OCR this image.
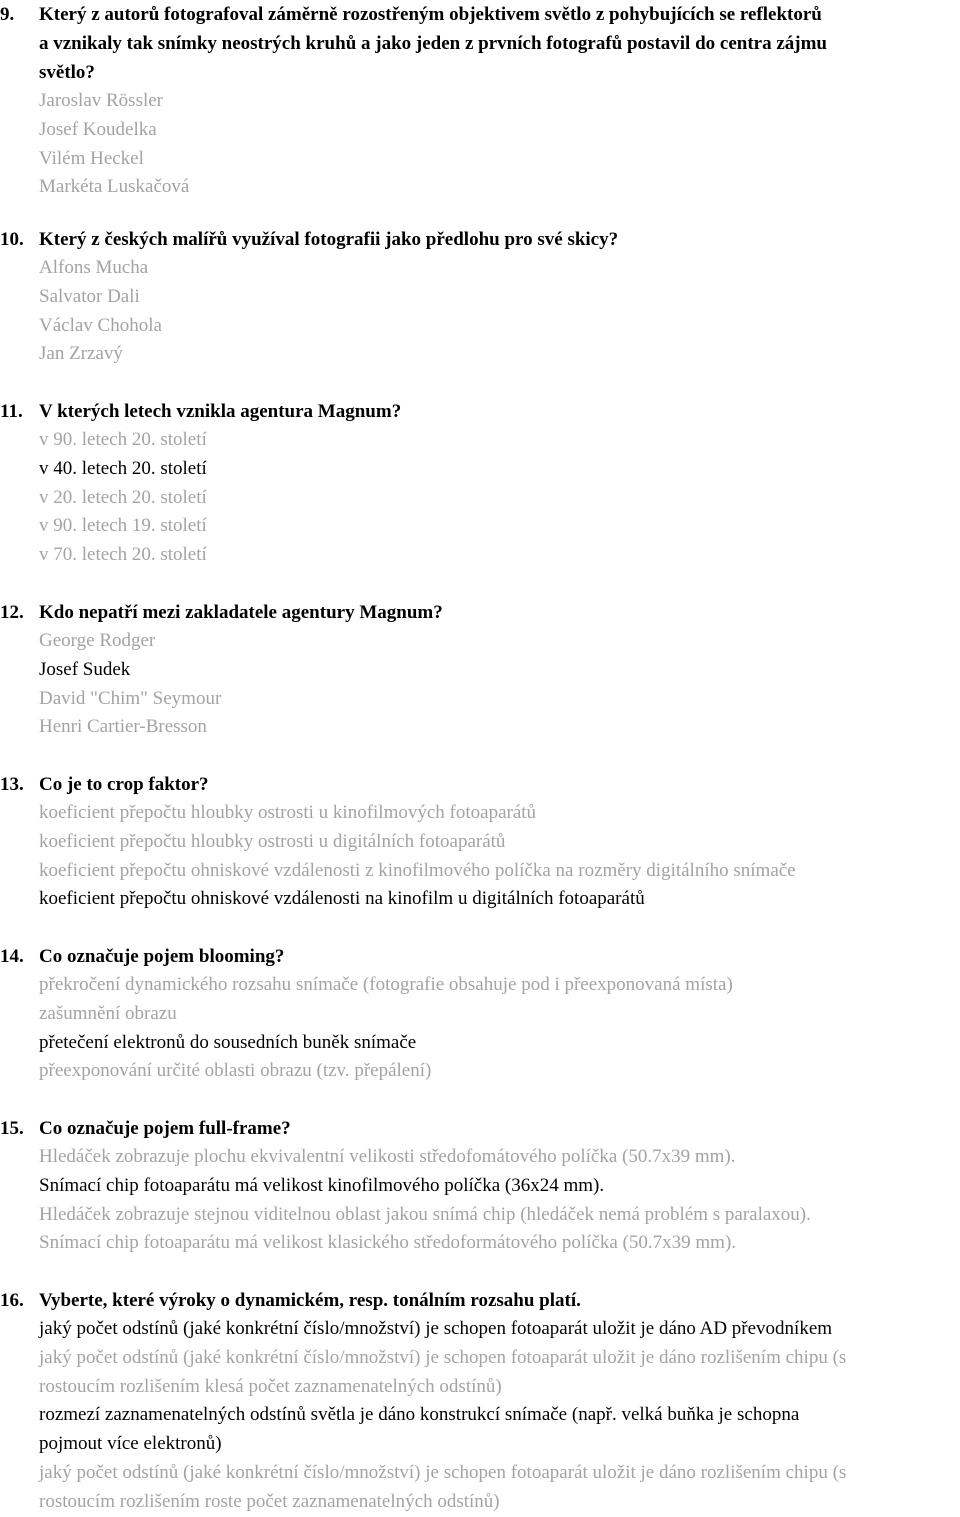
9.	Který z autorů fotografoval záměrně rozostřeným objektivem světlo z pohybujících se reflektorů
a vznikaly tak snímky neostrých kruhů a jako jeden z prvních fotografů postavil do centra zájmu
světlo?
Jaroslav Rössler
Josef Koudelka
Vilém Heckel
Markéta Luskačová
10. Který z českých malířů využíval fotografii jako předlohu pro své skicy?
Alfons Mucha
Salvator Dali
Václav Chohola
Jan Zrzavý
11. V kterých letech vznikla agentura Magnum?
v 90. letech 20. století
v 40. letech 20. století
v 20. letech 20. století
v 90. letech 19. století
v 70. letech 20. století
12. Kdo nepatří mezi zakladatele agentury Magnum?
George Rodger
Josef Sudek
David "Chim" Seymour
Henri Cartier-Bresson
13. Co je to crop faktor?
koeficient přepočtu hloubky ostrosti u kinofilmových fotoaparátů
koeficient přepočtu hloubky ostrosti u digitálních fotoaparátů
koeficient přepočtu ohniskové vzdálenosti z kinofilmového políčka na rozměry digitálního snímače
koeficient přepočtu ohniskové vzdálenosti na kinofilm u digitálních fotoaparátů
14. Co označuje pojem blooming?
překročení dynamického rozsahu snímače (fotografie obsahuje pod i přeexponovaná místa)
zašumnění obrazu
přetečení elektronů do sousedních buněk snímače
přeexponování určité oblasti obrazu (tzv. přepálení)
15. Co označuje pojem full-frame?
Hledáček zobrazuje plochu ekvivalentní velikosti středofomátového políčka (50.7x39 mm).
Snímací chip fotoaparátu má velikost kinofilmového políčka (36x24 mm).
Hledáček zobrazuje stejnou viditelnou oblast jakou snímá chip (hledáček nemá problém s paralaxou).
Snímací chip fotoaparátu má velikost klasického středoformátového políčka (50.7x39 mm).
16. Vyberte, které výroky o dynamickém, resp. tonálním rozsahu platí.
jaký počet odstínů (jaké konkrétní číslo/množství) je schopen fotoaparát uložit je dáno AD převodníkem
jaký počet odstínů (jaké konkrétní číslo/množství) je schopen fotoaparát uložit je dáno rozlišením chipu (s
rostoucím rozlišením klesá počet zaznamenatelných odstínů)
rozmezí zaznamenatelných odstínů světla je dáno konstrukcí snímače (např. velká buňka je schopna
pojmout více elektronů)
jaký počet odstínů (jaké konkrétní číslo/množství) je schopen fotoaparát uložit je dáno rozlišením chipu (s
rostoucím rozlišením roste počet zaznamenatelných odstínů)
